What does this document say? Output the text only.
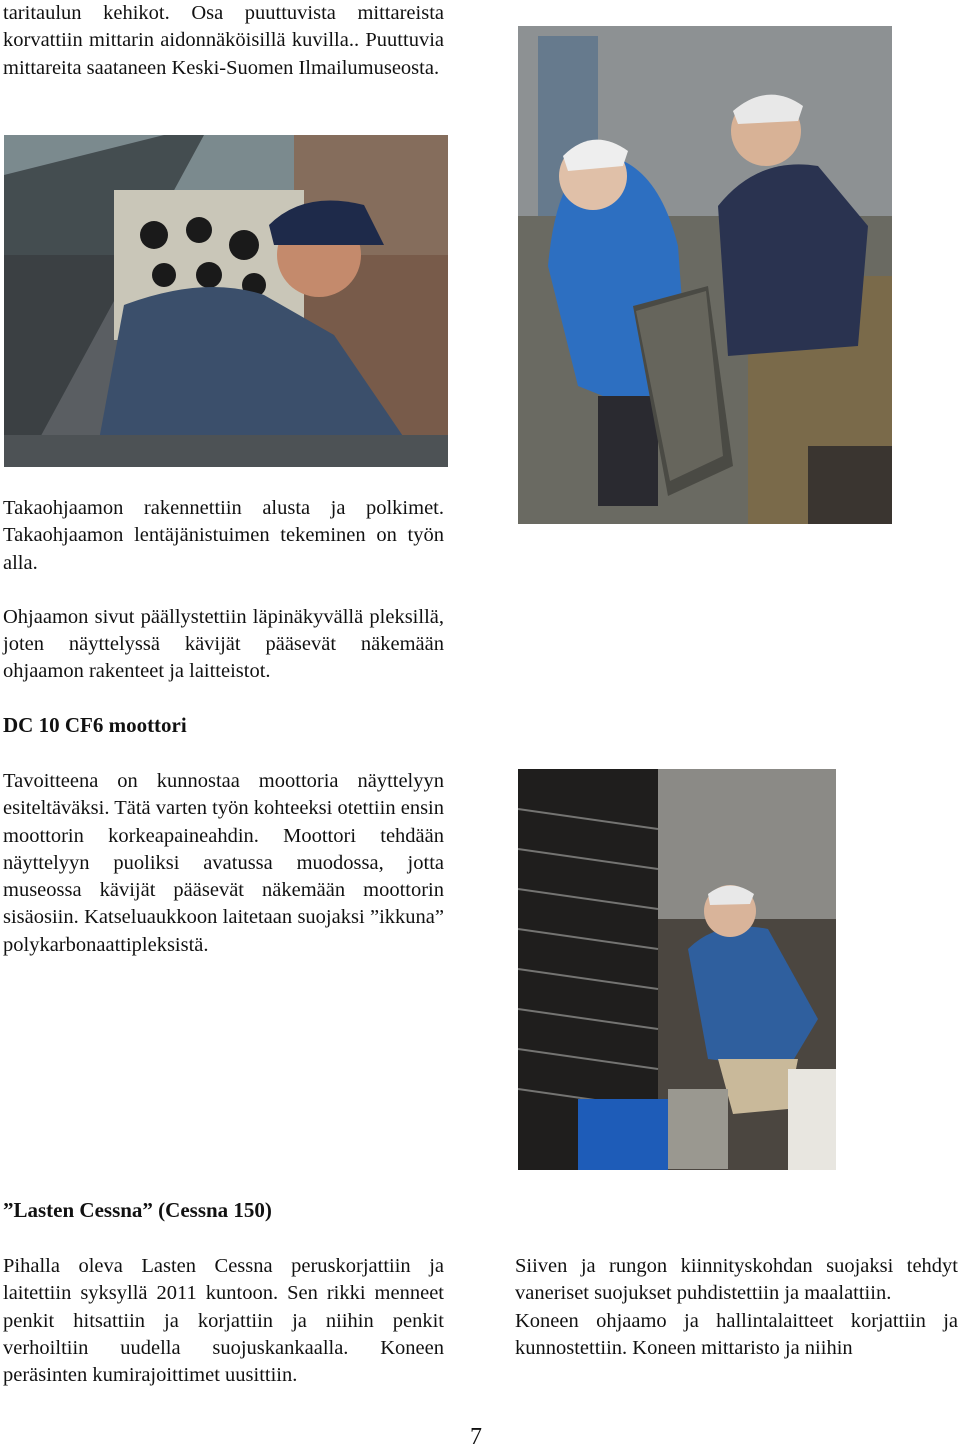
taritaulun kehikot. Osa puuttuvista mittareista korvattiin mittarin aidonnäköisillä kuvilla.. Puuttuvia mittareita saataneen Keski-Suomen Ilmailumuseosta.

Takaohjaamon rakennettiin alusta ja polkimet. Takaohjaamon lentäjänistuimen tekeminen on työn alla.

Ohjaamon sivut päällystettiin läpinäkyvällä pleksillä, joten näyttelyssä kävijät pääsevät näkemään ohjaamon rakenteet ja laitteistot.

DC 10 CF6 moottori

Tavoitteena on kunnostaa moottoria näyttelyyn esiteltäväksi. Tätä varten työn kohteeksi otettiin ensin moottorin korkeapaineahdin. Moottori tehdään näyttelyyn puoliksi avatussa muodossa, jotta museossa kävijät pääsevät näkemään moottorin sisäosiin. Katseluaukkoon laitetaan suojaksi ”ikkuna” polykarbonaattipleksistä.

”Lasten Cessna” (Cessna 150)

Pihalla oleva Lasten Cessna peruskorjattiin ja laitettiin syksyllä 2011 kuntoon. Sen rikki menneet penkit hitsattiin ja korjattiin ja niihin penkit verhoiltiin uudella suojuskankaalla. Koneen peräsinten kumirajoittimet uusittiin.

Siiven ja rungon kiinnityskohdan suojaksi tehdyt vaneriset suojukset puhdistettiin ja maalattiin.

Koneen ohjaamo ja hallintalaitteet korjattiin ja kunnostettiin. Koneen mittaristo ja niihin

7
